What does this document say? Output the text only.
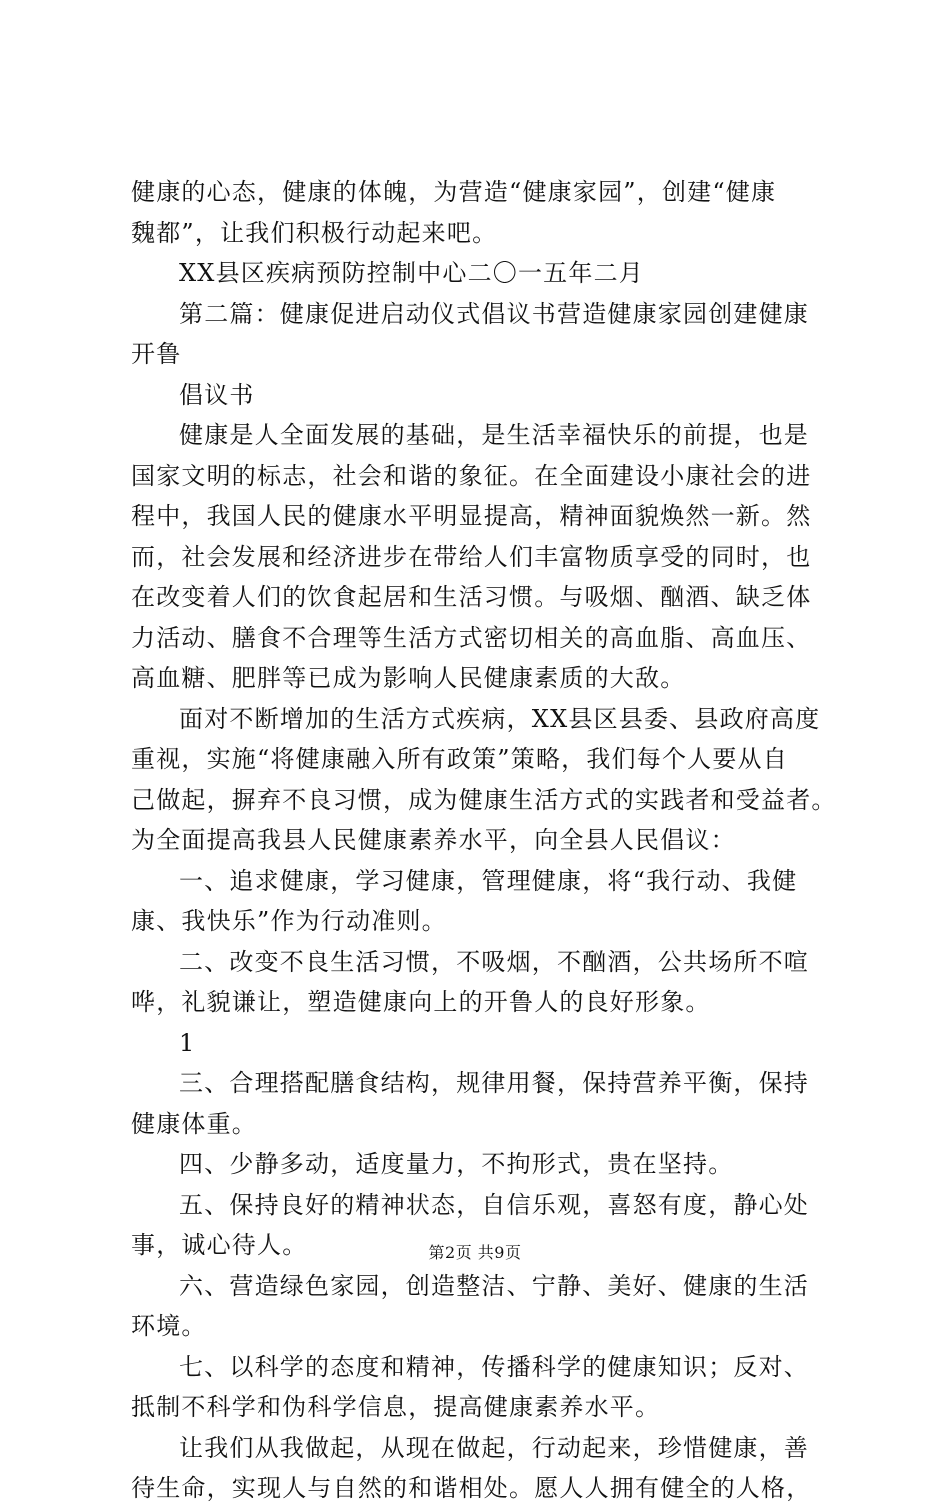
健康的心态，健康的体魄，为营造“健康家园”，创建“健康
魏都”，让我们积极行动起来吧。
XX县区疾病预防控制中心二〇一五年二月
第二篇：健康促进启动仪式倡议书营造健康家园创建健康
开鲁
倡议书
健康是人全面发展的基础，是生活幸福快乐的前提，也是
国家文明的标志，社会和谐的象征。在全面建设小康社会的进
程中，我国人民的健康水平明显提高，精神面貌焕然一新。然
而，社会发展和经济进步在带给人们丰富物质享受的同时，也
在改变着人们的饮食起居和生活习惯。与吸烟、酗酒、缺乏体
力活动、膳食不合理等生活方式密切相关的高血脂、高血压、
高血糖、肥胖等已成为影响人民健康素质的大敌。
面对不断增加的生活方式疾病，XX县区县委、县政府高度
重视，实施“将健康融入所有政策”策略，我们每个人要从自
己做起，摒弃不良习惯，成为健康生活方式的实践者和受益者。
为全面提高我县人民健康素养水平，向全县人民倡议：
一、追求健康，学习健康，管理健康，将“我行动、我健
康、我快乐”作为行动准则。
二、改变不良生活习惯，不吸烟，不酗酒，公共场所不喧
哗，礼貌谦让，塑造健康向上的开鲁人的良好形象。
1
三、合理搭配膳食结构，规律用餐，保持营养平衡，保持
健康体重。
四、少静多动，适度量力，不拘形式，贵在坚持。
五、保持良好的精神状态，自信乐观，喜怒有度，静心处
事，诚心待人。
六、营造绿色家园，创造整洁、宁静、美好、健康的生活
环境。
七、以科学的态度和精神，传播科学的健康知识；反对、
抵制不科学和伪科学信息，提高健康素养水平。
让我们从我做起，从现在做起，行动起来，珍惜健康，善
待生命，实现人与自然的和谐相处。愿人人拥有健全的人格，
第2页 共9页
